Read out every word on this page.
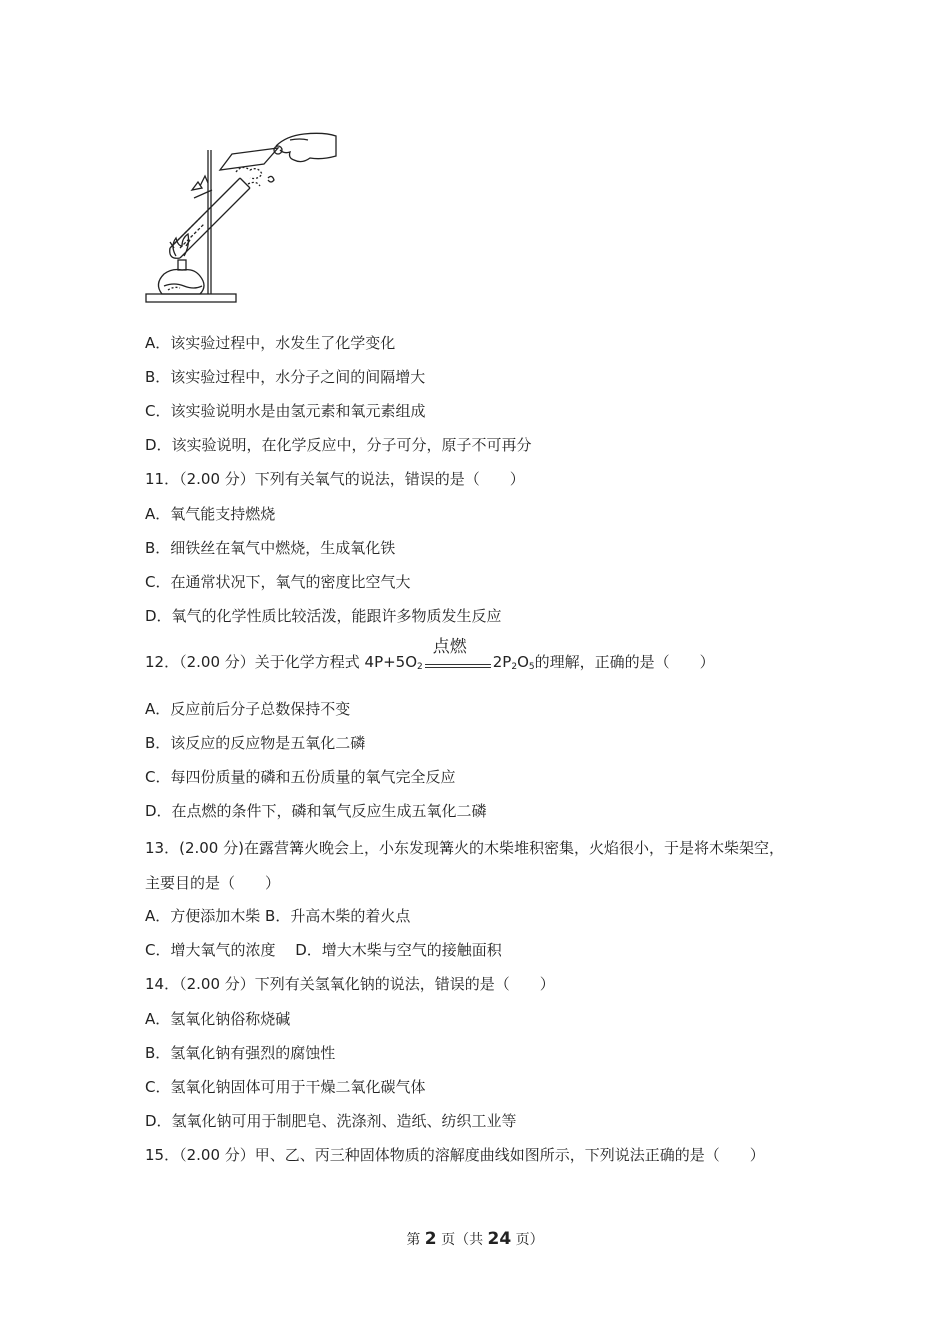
A．该实验过程中，水发生了化学变化
B．该实验过程中，水分子之间的间隔增大
C．该实验说明水是由氢元素和氧元素组成
D．该实验说明，在化学反应中，分子可分，原子不可再分
11．（2.00 分）下列有关氧气的说法，错误的是（　　）
A．氧气能支持燃烧
B．细铁丝在氧气中燃烧，生成氧化铁
C．在通常状况下，氧气的密度比空气大
D．氧气的化学性质比较活泼，能跟许多物质发生反应
12．（2.00 分）关于化学方程式 $4P+5O_2$
点燃
$2P_2O_5$的理解，正确的是（　　）
A．反应前后分子总数保持不变
B．该反应的反应物是五氧化二磷
C．每四份质量的磷和五份质量的氧气完全反应
D．在点燃的条件下，磷和氧气反应生成五氧化二磷
13．(2.00 分)在露营篝火晚会上，小东发现篝火的木柴堆积密集，火焰很小，于是将木柴架空，
主要目的是（　　）
A．方便添加木柴 B．升高木柴的着火点
C．增大氧气的浓度　 D．增大木柴与空气的接触面积
14．（2.00 分）下列有关氢氧化钠的说法，错误的是（　　）
A．氢氧化钠俗称烧碱
B．氢氧化钠有强烈的腐蚀性
C．氢氧化钠固体可用于干燥二氧化碳气体
D．氢氧化钠可用于制肥皂、洗涤剂、造纸、纺织工业等
15．（2.00 分）甲、乙、丙三种固体物质的溶解度曲线如图所示，下列说法正确的是（　　）
第 2 页（共 24 页）
